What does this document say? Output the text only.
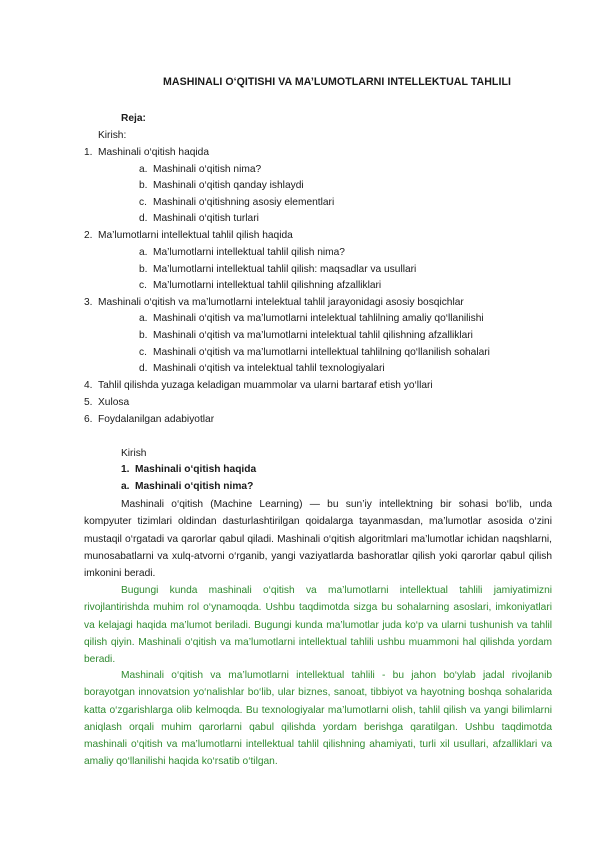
MASHINALI O‘QITISHI VA MA’LUMOTLARNI INTELLEKTUAL TAHLILI
Reja:
Kirish:
1. Mashinali o‘qitish haqida
a. Mashinali o‘qitish nima?
b. Mashinali o‘qitish qanday ishlaydi
c. Mashinali o‘qitishning asosiy elementlari
d. Mashinali o‘qitish turlari
2. Ma’lumotlarni intellektual tahlil qilish haqida
a. Ma’lumotlarni intellektual tahlil qilish nima?
b. Ma’lumotlarni intellektual tahlil qilish: maqsadlar va usullari
c. Ma’lumotlarni intellektual tahlil qilishning afzalliklari
3. Mashinali o‘qitish va ma’lumotlarni intelektual tahlil jarayonidagi asosiy bosqichlar
a. Mashinali o‘qitish va ma’lumotlarni intelektual tahlilning amaliy qo‘llanilishi
b. Mashinali o‘qitish va ma’lumotlarni intelektual tahlil qilishning afzalliklari
c. Mashinali o‘qitish va ma’lumotlarni intellektual tahlilning qo‘llanilish sohalari
d. Mashinali o‘qitish va intelektual tahlil texnologiyalari
4. Tahlil qilishda yuzaga keladigan muammolar va ularni bartaraf etish yo‘llari
5. Xulosa
6. Foydalanilgan adabiyotlar
Kirish
1. Mashinali o‘qitish haqida
a. Mashinali o‘qitish nima?
Mashinali o‘qitish (Machine Learning) — bu sun’iy intellektning bir sohasi bo‘lib, unda kompyuter tizimlari oldindan dasturlashtirilgan qoidalarga tayanmasdan, ma’lumotlar asosida o‘zini mustaqil o‘rgatadi va qarorlar qabul qiladi. Mashinali o‘qitish algoritmlari ma’lumotlar ichidan naqshlarni, munosabatlarni va xulq-atvorni o‘rganib, yangi vaziyatlarda bashoratlar qilish yoki qarorlar qabul qilish imkonini beradi.
Bugungi kunda mashinali o‘qitish va ma’lumotlarni intellektual tahlili jamiyatimizni rivojlantirishda muhim rol o‘ynamoqda. Ushbu taqdimotda sizga bu sohalarning asoslari, imkoniyatlari va kelajagi haqida ma’lumot beriladi. Bugungi kunda ma’lumotlar juda ko‘p va ularni tushunish va tahlil qilish qiyin. Mashinali o‘qitish va ma’lumotlarni intellektual tahlili ushbu muammoni hal qilishda yordam beradi.
Mashinali o‘qitish va ma’lumotlarni intellektual tahlili - bu jahon bo‘ylab jadal rivojlanib borayotgan innovatsion yo‘nalishlar bo‘lib, ular biznes, sanoat, tibbiyot va hayotning boshqa sohalarida katta o‘zgarishlarga olib kelmoqda. Bu texnologiyalar ma’lumotlarni olish, tahlil qilish va yangi bilimlarni aniqlash orqali muhim qarorlarni qabul qilishda yordam berishga qaratilgan. Ushbu taqdimotda mashinali o‘qitish va ma’lumotlarni intellektual tahlil qilishning ahamiyati, turli xil usullari, afzalliklari va amaliy qo‘llanilishi haqida ko‘rsatib o‘tilgan.
